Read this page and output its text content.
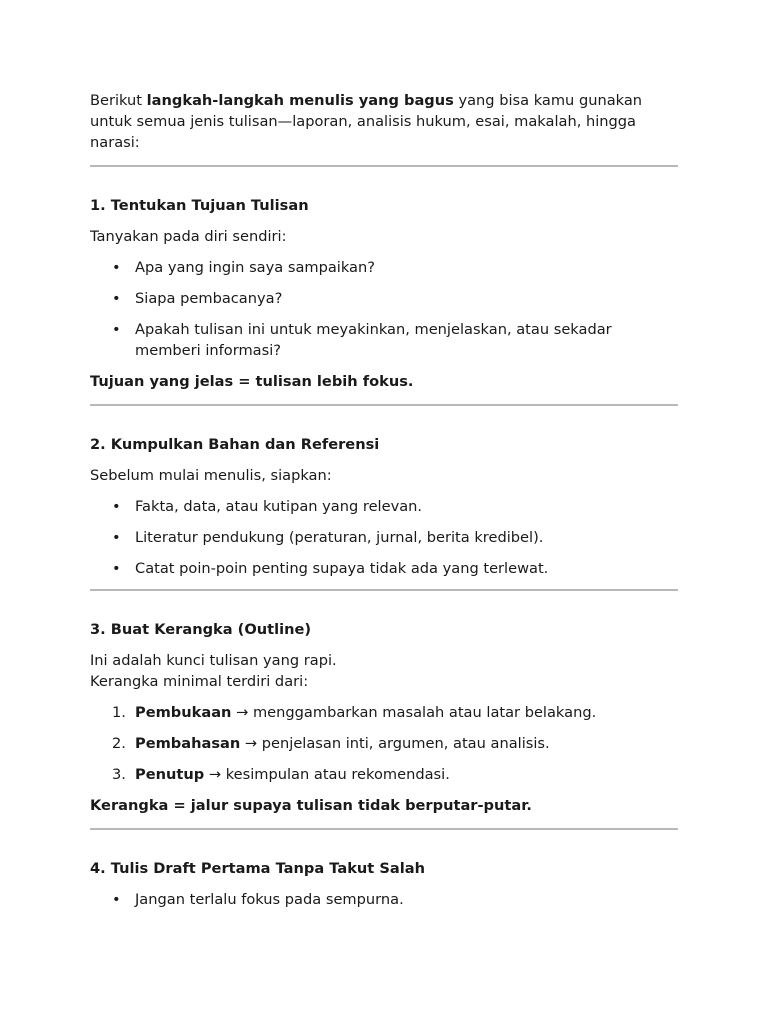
Berikut langkah-langkah menulis yang bagus yang bisa kamu gunakan untuk semua jenis tulisan—laporan, analisis hukum, esai, makalah, hingga narasi:

1. Tentukan Tujuan Tulisan

Tanyakan pada diri sendiri:

• Apa yang ingin saya sampaikan?
• Siapa pembacanya?
• Apakah tulisan ini untuk meyakinkan, menjelaskan, atau sekadar memberi informasi?

Tujuan yang jelas = tulisan lebih fokus.

2. Kumpulkan Bahan dan Referensi

Sebelum mulai menulis, siapkan:

• Fakta, data, atau kutipan yang relevan.
• Literatur pendukung (peraturan, jurnal, berita kredibel).
• Catat poin-poin penting supaya tidak ada yang terlewat.

3. Buat Kerangka (Outline)

Ini adalah kunci tulisan yang rapi.

Kerangka minimal terdiri dari:

1. Pembukaan → menggambarkan masalah atau latar belakang.
2. Pembahasan → penjelasan inti, argumen, atau analisis.
3. Penutup → kesimpulan atau rekomendasi.

Kerangka = jalur supaya tulisan tidak berputar-putar.

4. Tulis Draft Pertama Tanpa Takut Salah

• Jangan terlalu fokus pada sempurna.
